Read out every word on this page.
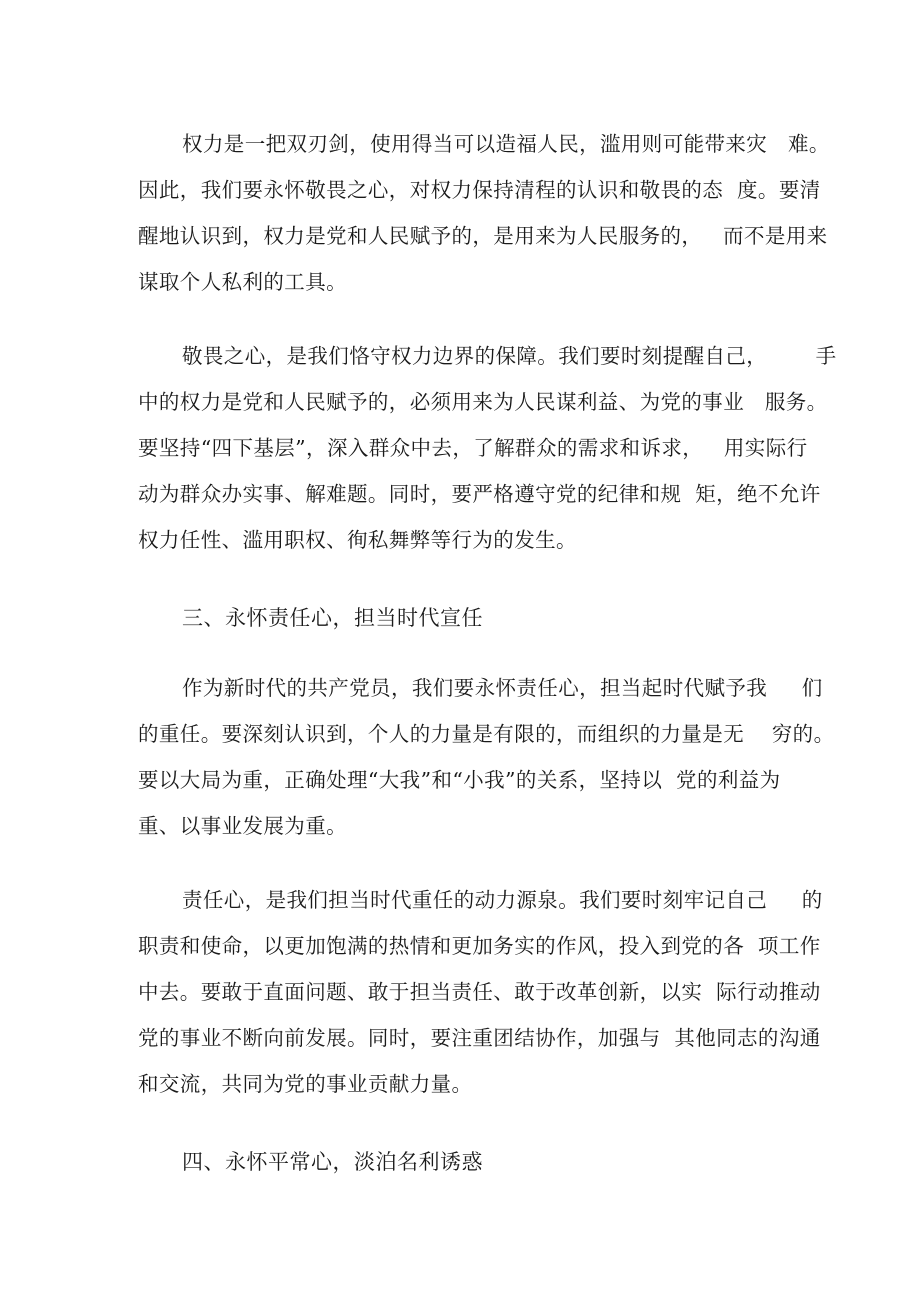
权力是一把双刃剑，使用得当可以造福人民，滥用则可能带来灾   难。
因此，我们要永怀敬畏之心，对权力保持清程的认识和敬畏的态  度。要清
醒地认识到，权力是党和人民赋予的，是用来为人民服务的，   而不是用来
谋取个人私利的工具。
敬畏之心，是我们恪守权力边界的保障。我们要时刻提醒自己，       手
中的权力是党和人民赋予的，必须用来为人民谋利益、为党的事业   服务。
要坚持“四下基层”，深入群众中去，了解群众的需求和诉求，   用实际行
动为群众办实事、解难题。同时，要严格遵守党的纪律和规  矩，绝不允许
权力任性、滥用职权、徇私舞弊等行为的发生。
三、永怀责任心，担当时代宣任
作为新时代的共产党员，我们要永怀责任心，担当起时代赋予我     们
的重任。要深刻认识到，个人的力量是有限的，而组织的力量是无    穷的。
要以大局为重，正确处理“大我”和“小我”的关系，坚持以  党的利益为
重、以事业发展为重。
责任心，是我们担当时代重任的动力源泉。我们要时刻牢记自己     的
职责和使命，以更加饱满的热情和更加务实的作风，投入到党的各  项工作
中去。要敢于直面问题、敢于担当责任、敢于改革创新，以实  际行动推动
党的事业不断向前发展。同时，要注重团结协作，加强与  其他同志的沟通
和交流，共同为党的事业贡献力量。
四、永怀平常心，淡泊名利诱惑
